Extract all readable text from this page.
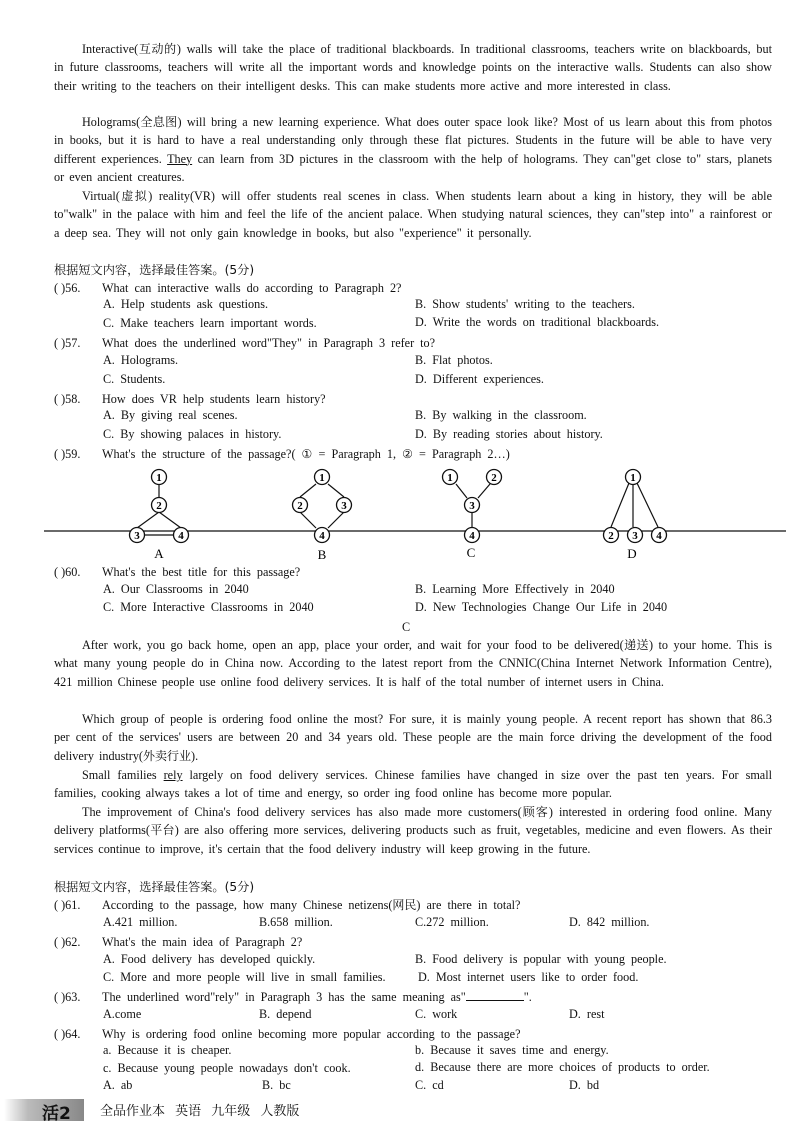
Interactive(互动的) walls will take the place of traditional blackboards. In traditional classrooms, teachers write on blackboards, but in future classrooms, teachers will write all the important words and knowledge points on the interactive walls. Students can also show their writing to the teachers on their intelligent desks. This can make students more active and more interested in class.
Holograms(全息图) will bring a new learning experience. What does outer space look like? Most of us learn about this from photos in books, but it is hard to have a real understanding only through these flat pictures. Students in the future will be able to have very different experiences. They can learn from 3D pictures in the classroom with the help of holograms. They can"get close to" stars, planets or even ancient creatures.
Virtual(虚拟) reality(VR) will offer students real scenes in class. When students learn about a king in history, they will be able to"walk" in the palace with him and feel the life of the ancient palace. When studying natural sciences, they can"step into" a rainforest or a deep sea. They will not only gain knowledge in books, but also "experience" it personally.
根据短文内容，选择最佳答案。(5分)
( )56. What can interactive walls do according to Paragraph 2?
A. Help students ask questions.	B. Show students' writing to the teachers.
C. Make teachers learn important words.	D. Write the words on traditional blackboards.
( )57. What does the underlined word"They" in Paragraph 3 refer to?
A. Holograms.	B. Flat photos.
C. Students.	D. Different experiences.
( )58. How does VR help students learn history?
A. By giving real scenes.	B. By walking in the classroom.
C. By showing palaces in history.	D. By reading stories about history.
( )59. What's the structure of the passage?( ① = Paragraph 1, ② = Paragraph 2…)
1
2
3	4
1
2	3
4
1	2
3
4
1
2 3 4
A	B	C	D
( )60. What's the best title for this passage?
A. Our Classrooms in 2040	B. Learning More Effectively in 2040
C. More Interactive Classrooms in 2040	D. New Technologies Change Our Life in 2040
C
After work, you go back home, open an app, place your order, and wait for your food to be delivered(递送) to your home. This is what many young people do in China now. According to the latest report from the CNNIC(China Internet Network Information Centre), 421 million Chinese people use online food delivery services. It is half of the total number of internet users in China.
Which group of people is ordering food online the most? For sure, it is mainly young people. A recent report has shown that 86.3 per cent of the services' users are between 20 and 34 years old. These people are the main force driving the development of the food delivery industry(外卖行业).
Small families rely largely on food delivery services. Chinese families have changed in size over the past ten years. For small families, cooking always takes a lot of time and energy, so order ing food online has become more popular.
The improvement of China's food delivery services has also made more customers(顾客) interested in ordering food online. Many delivery platforms(平台) are also offering more services, delivering products such as fruit, vegetables, medicine and even flowers. As their services continue to improve, it's certain that the food delivery industry will keep growing in the future.
根据短文内容，选择最佳答案。(5分)
( )61. According to the passage, how many Chinese netizens(网民) are there in total?
A.421 million.	B.658 million.	C.272 million.	D. 842 million.
( )62. What's the main idea of Paragraph 2?
A. Food delivery has developed quickly.	B. Food delivery is popular with young people.
C. More and more people will live in small families.	D. Most internet users like to order food.
( )63. The underlined word"rely" in Paragraph 3 has the same meaning as"	".
A.come	B. depend	C. work	D. rest
( )64. Why is ordering food online becoming more popular according to the passage?
a. Because it is cheaper.	b. Because it saves time and energy.
c. Because young people nowadays don't cook.	d. Because there are more choices of products to order.
A. ab	B. bc	C. cd	D. bd
活2 全品作业本 英语 九年级 人教版
